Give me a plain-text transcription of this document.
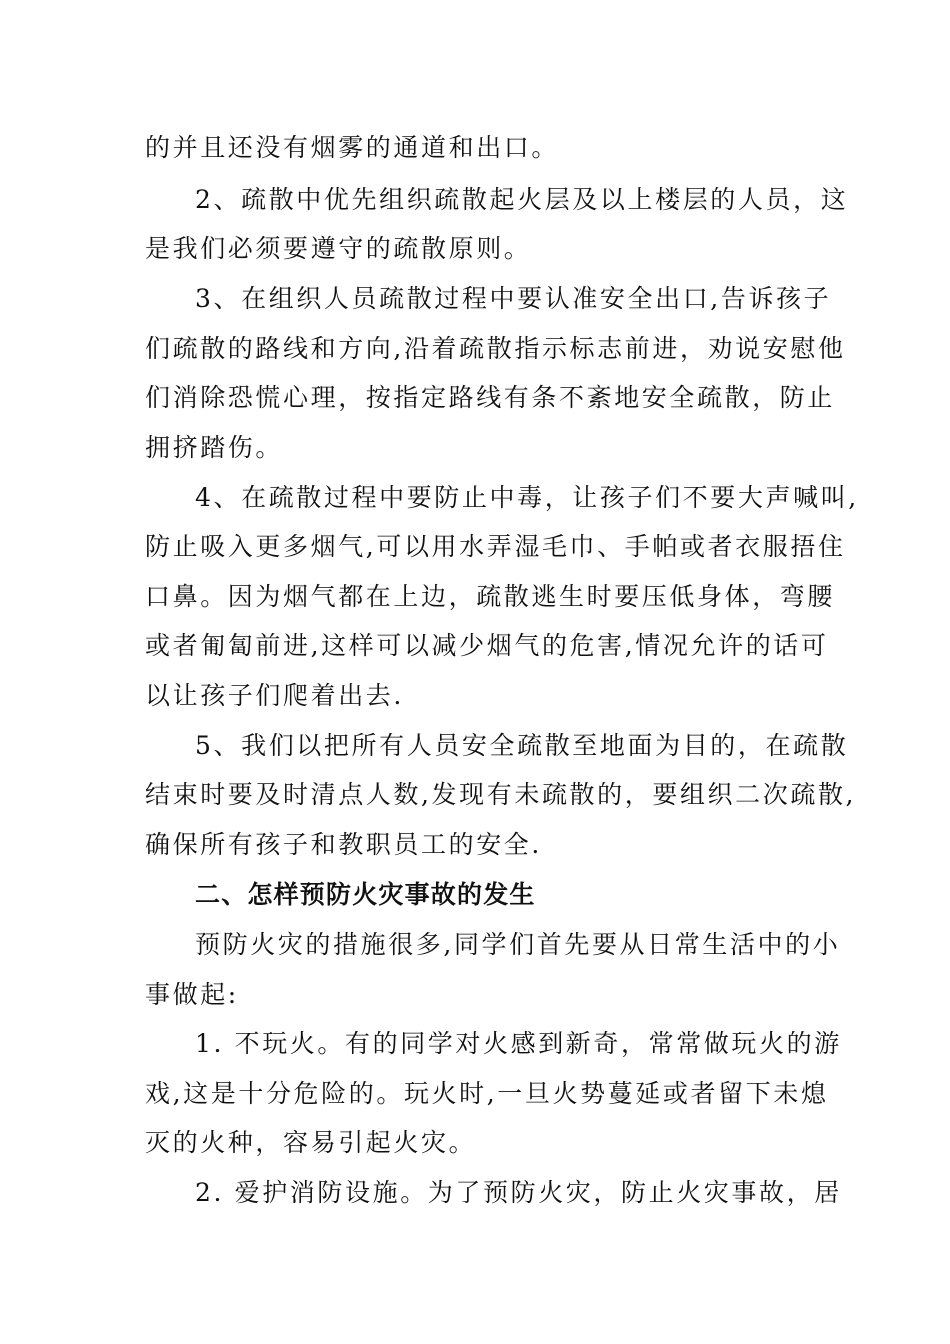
的并且还没有烟雾的通道和出口。
2、疏散中优先组织疏散起火层及以上楼层的人员，这
是我们必须要遵守的疏散原则。
3、在组织人员疏散过程中要认准安全出口,告诉孩子
们疏散的路线和方向,沿着疏散指示标志前进，劝说安慰他
们消除恐慌心理，按指定路线有条不紊地安全疏散，防止
拥挤踏伤。
4、在疏散过程中要防止中毒，让孩子们不要大声喊叫,
防止吸入更多烟气,可以用水弄湿毛巾、手帕或者衣服捂住
口鼻。因为烟气都在上边，疏散逃生时要压低身体，弯腰
或者匍匐前进,这样可以减少烟气的危害,情况允许的话可
以让孩子们爬着出去.
5、我们以把所有人员安全疏散至地面为目的，在疏散
结束时要及时清点人数,发现有未疏散的，要组织二次疏散,
确保所有孩子和教职员工的安全.
二、怎样预防火灾事故的发生
预防火灾的措施很多,同学们首先要从日常生活中的小
事做起:
1. 不玩火。有的同学对火感到新奇，常常做玩火的游
戏,这是十分危险的。玩火时,一旦火势蔓延或者留下未熄
灭的火种，容易引起火灾。
2. 爱护消防设施。为了预防火灾，防止火灾事故，居
